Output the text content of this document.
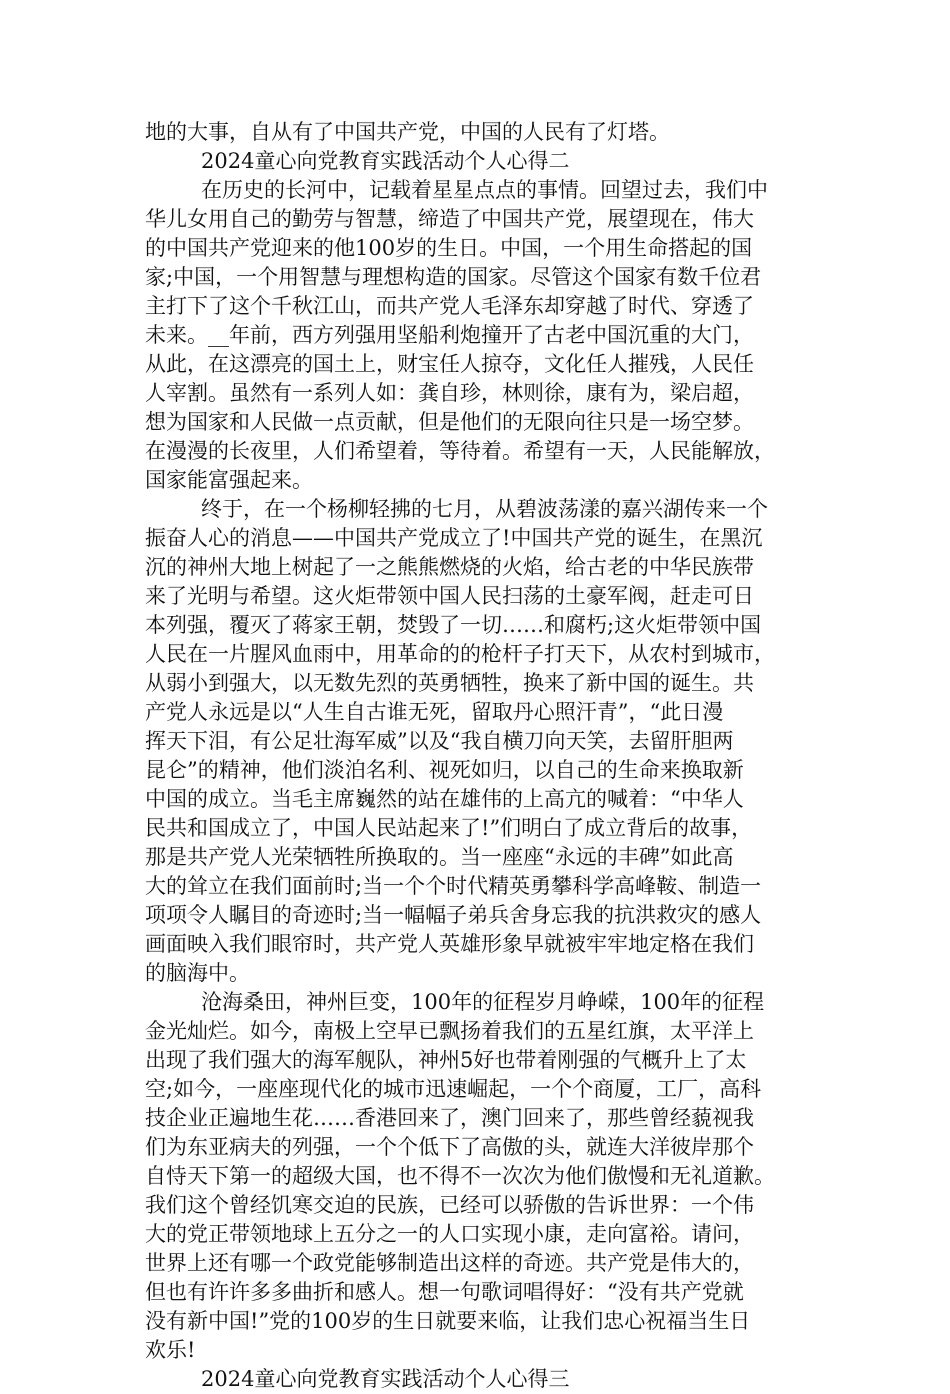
地的大事，自从有了中国共产党，中国的人民有了灯塔。
2024童心向党教育实践活动个人心得二
在历史的长河中，记载着星星点点的事情。回望过去，我们中
华儿女用自己的勤劳与智慧，缔造了中国共产党，展望现在，伟大
的中国共产党迎来的他100岁的生日。中国，一个用生命搭起的国
家;中国，一个用智慧与理想构造的国家。尽管这个国家有数千位君
主打下了这个千秋江山，而共产党人毛泽东却穿越了时代、穿透了
未来。__年前，西方列强用坚船利炮撞开了古老中国沉重的大门，
从此，在这漂亮的国土上，财宝任人掠夺，文化任人摧残，人民任
人宰割。虽然有一系列人如：龚自珍，林则徐，康有为，梁启超，
想为国家和人民做一点贡献，但是他们的无限向往只是一场空梦。
在漫漫的长夜里，人们希望着，等待着。希望有一天，人民能解放，
国家能富强起来。
终于，在一个杨柳轻拂的七月，从碧波荡漾的嘉兴湖传来一个
振奋人心的消息——中国共产党成立了!中国共产党的诞生，在黑沉
沉的神州大地上树起了一之熊熊燃烧的火焰，给古老的中华民族带
来了光明与希望。这火炬带领中国人民扫荡的土豪军阀，赶走可日
本列强，覆灭了蒋家王朝，焚毁了一切……和腐朽;这火炬带领中国
人民在一片腥风血雨中，用革命的的枪杆子打天下，从农村到城市，
从弱小到强大，以无数先烈的英勇牺牲，换来了新中国的诞生。共
产党人永远是以“人生自古谁无死，留取丹心照汗青”，“此日漫
挥天下泪，有公足壮海军威”以及“我自横刀向天笑，去留肝胆两
昆仑”的精神，他们淡泊名利、视死如归，以自己的生命来换取新
中国的成立。当毛主席巍然的站在雄伟的上高亢的喊着：“中华人
民共和国成立了，中国人民站起来了!”们明白了成立背后的故事，
那是共产党人光荣牺牲所换取的。当一座座“永远的丰碑”如此高
大的耸立在我们面前时;当一个个时代精英勇攀科学高峰鞍、制造一
项项令人瞩目的奇迹时;当一幅幅子弟兵舍身忘我的抗洪救灾的感人
画面映入我们眼帘时，共产党人英雄形象早就被牢牢地定格在我们
的脑海中。
沧海桑田，神州巨变，100年的征程岁月峥嵘，100年的征程
金光灿烂。如今，南极上空早已飘扬着我们的五星红旗，太平洋上
出现了我们强大的海军舰队，神州5好也带着刚强的气概升上了太
空;如今，一座座现代化的城市迅速崛起，一个个商厦，工厂，高科
技企业正遍地生花……香港回来了，澳门回来了，那些曾经藐视我
们为东亚病夫的列强，一个个低下了高傲的头，就连大洋彼岸那个
自恃天下第一的超级大国，也不得不一次次为他们傲慢和无礼道歉。
我们这个曾经饥寒交迫的民族，已经可以骄傲的告诉世界：一个伟
大的党正带领地球上五分之一的人口实现小康，走向富裕。请问，
世界上还有哪一个政党能够制造出这样的奇迹。共产党是伟大的，
但也有许许多多曲折和感人。想一句歌词唱得好：“没有共产党就
没有新中国!”党的100岁的生日就要来临，让我们忠心祝福当生日
欢乐!
2024童心向党教育实践活动个人心得三
